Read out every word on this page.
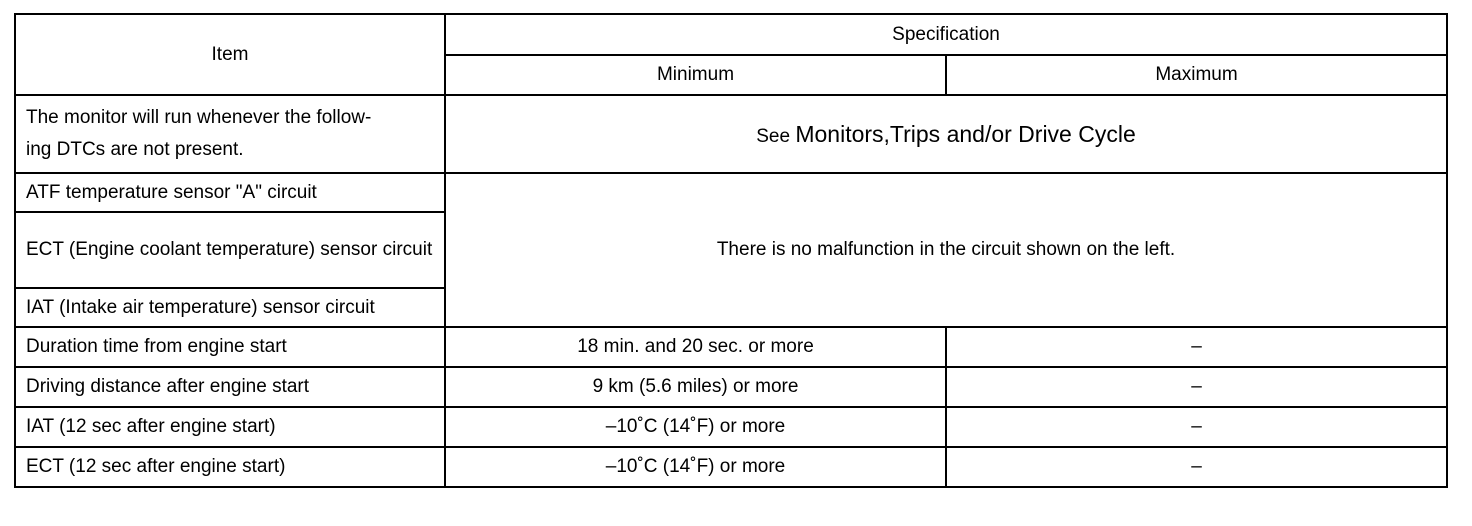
Item	Specification	
	Minimum	Maximum
The monitor will run whenever the follow-
ing DTCs are not present.	See Monitors,Trips and/or Drive Cycle	
ATF temperature sensor "A" circuit	There is no malfunction in the circuit shown on the left.	
ECT (Engine coolant temperature) sensor circuit		
IAT (Intake air temperature) sensor circuit		
Duration time from engine start	18 min. and 20 sec. or more	–
Driving distance after engine start	9 km (5.6 miles) or more	–
IAT (12 sec after engine start)	–10˚C (14˚F) or more	–
ECT (12 sec after engine start)	–10˚C (14˚F) or more	–
